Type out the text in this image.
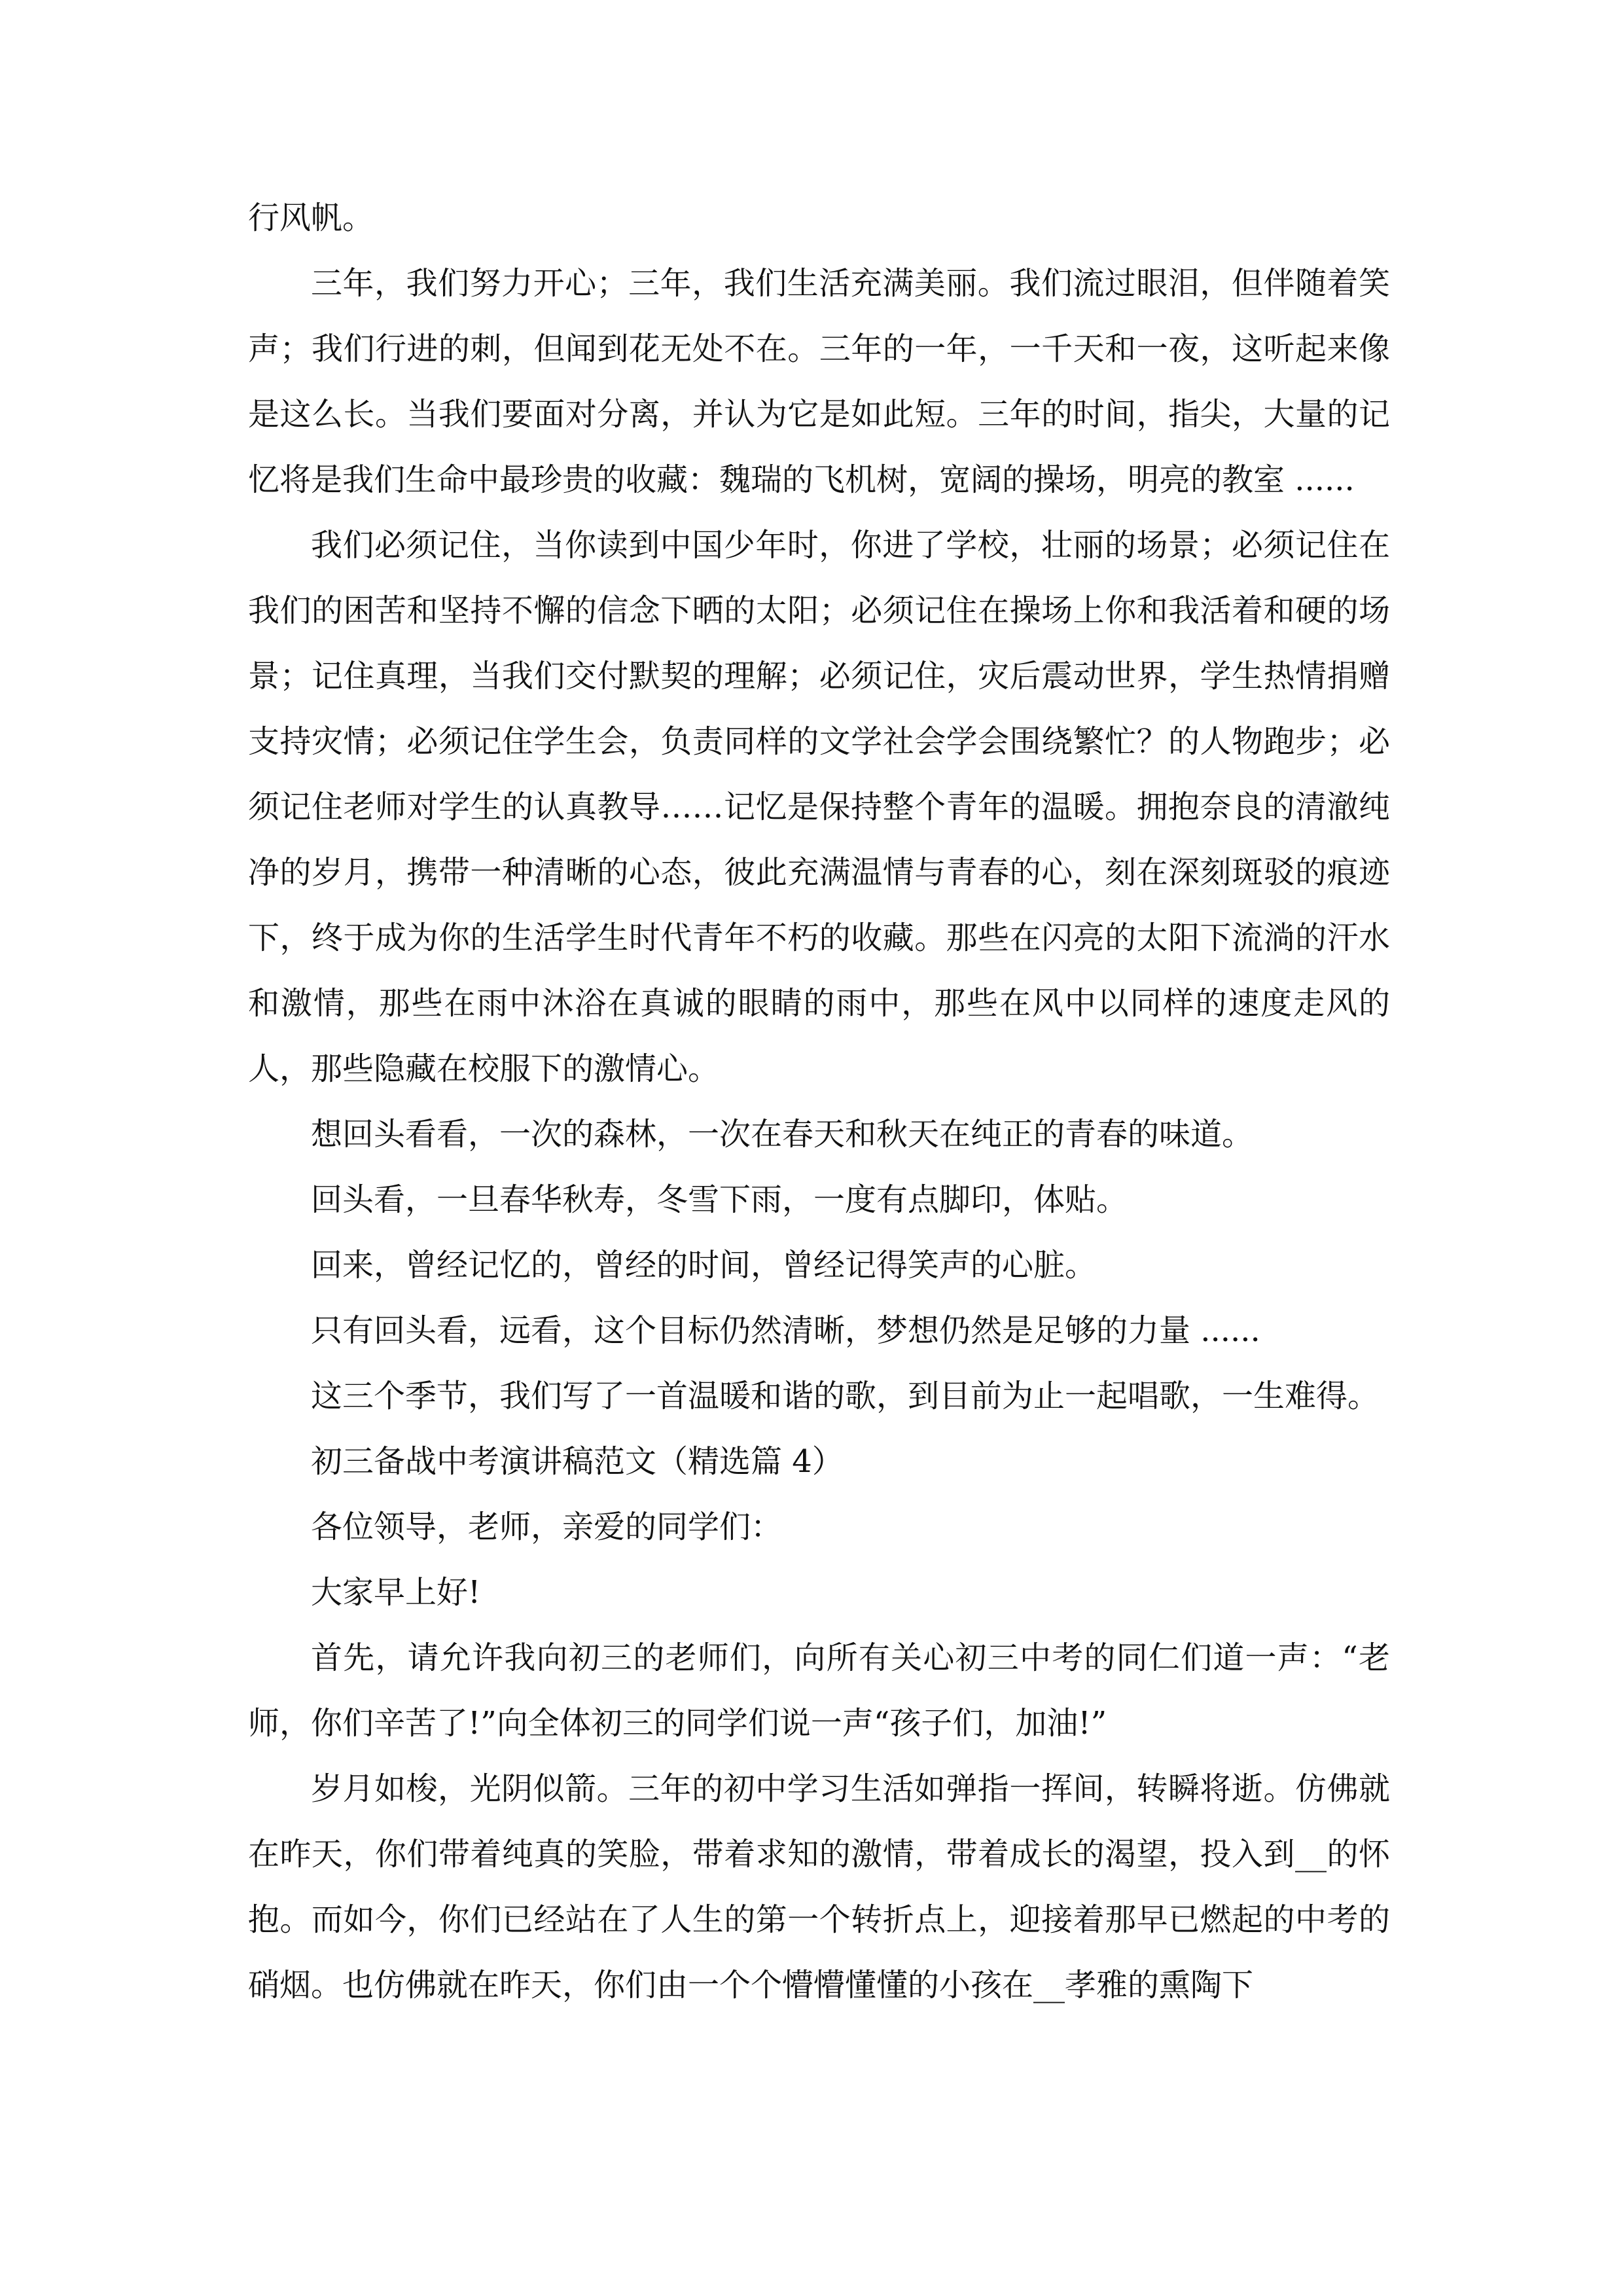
行风帆。

三年，我们努力开心；三年，我们生活充满美丽。我们流过眼泪，但伴随着笑声；我们行进的刺，但闻到花无处不在。三年的一年，一千天和一夜，这听起来像是这么长。当我们要面对分离，并认为它是如此短。三年的时间，指尖，大量的记忆将是我们生命中最珍贵的收藏：魏瑞的飞机树，宽阔的操场，明亮的教室 ......

我们必须记住，当你读到中国少年时，你进了学校，壮丽的场景；必须记住在我们的困苦和坚持不懈的信念下晒的太阳；必须记住在操场上你和我活着和硬的场景；记住真理，当我们交付默契的理解；必须记住，灾后震动世界，学生热情捐赠支持灾情；必须记住学生会，负责同样的文学社会学会围绕繁忙？的人物跑步；必须记住老师对学生的认真教导……记忆是保持整个青年的温暖。拥抱奈良的清澈纯净的岁月，携带一种清晰的心态，彼此充满温情与青春的心，刻在深刻斑驳的痕迹下，终于成为你的生活学生时代青年不朽的收藏。那些在闪亮的太阳下流淌的汗水和激情，那些在雨中沐浴在真诚的眼睛的雨中，那些在风中以同样的速度走风的人，那些隐藏在校服下的激情心。

想回头看看，一次的森林，一次在春天和秋天在纯正的青春的味道。

回头看，一旦春华秋寿，冬雪下雨，一度有点脚印，体贴。

回来，曾经记忆的，曾经的时间，曾经记得笑声的心脏。

只有回头看，远看，这个目标仍然清晰，梦想仍然是足够的力量 ......

这三个季节，我们写了一首温暖和谐的歌，到目前为止一起唱歌，一生难得。

初三备战中考演讲稿范文（精选篇 4）

各位领导，老师，亲爱的同学们：

大家早上好!

首先，请允许我向初三的老师们，向所有关心初三中考的同仁们道一声：“老师，你们辛苦了!”向全体初三的同学们说一声“孩子们，加油!”

岁月如梭，光阴似箭。三年的初中学习生活如弹指一挥间，转瞬将逝。仿佛就在昨天，你们带着纯真的笑脸，带着求知的激情，带着成长的渴望，投入到__的怀抱。而如今，你们已经站在了人生的第一个转折点上，迎接着那早已燃起的中考的硝烟。也仿佛就在昨天，你们由一个个懵懵懂懂的小孩在__孝雅的熏陶下
